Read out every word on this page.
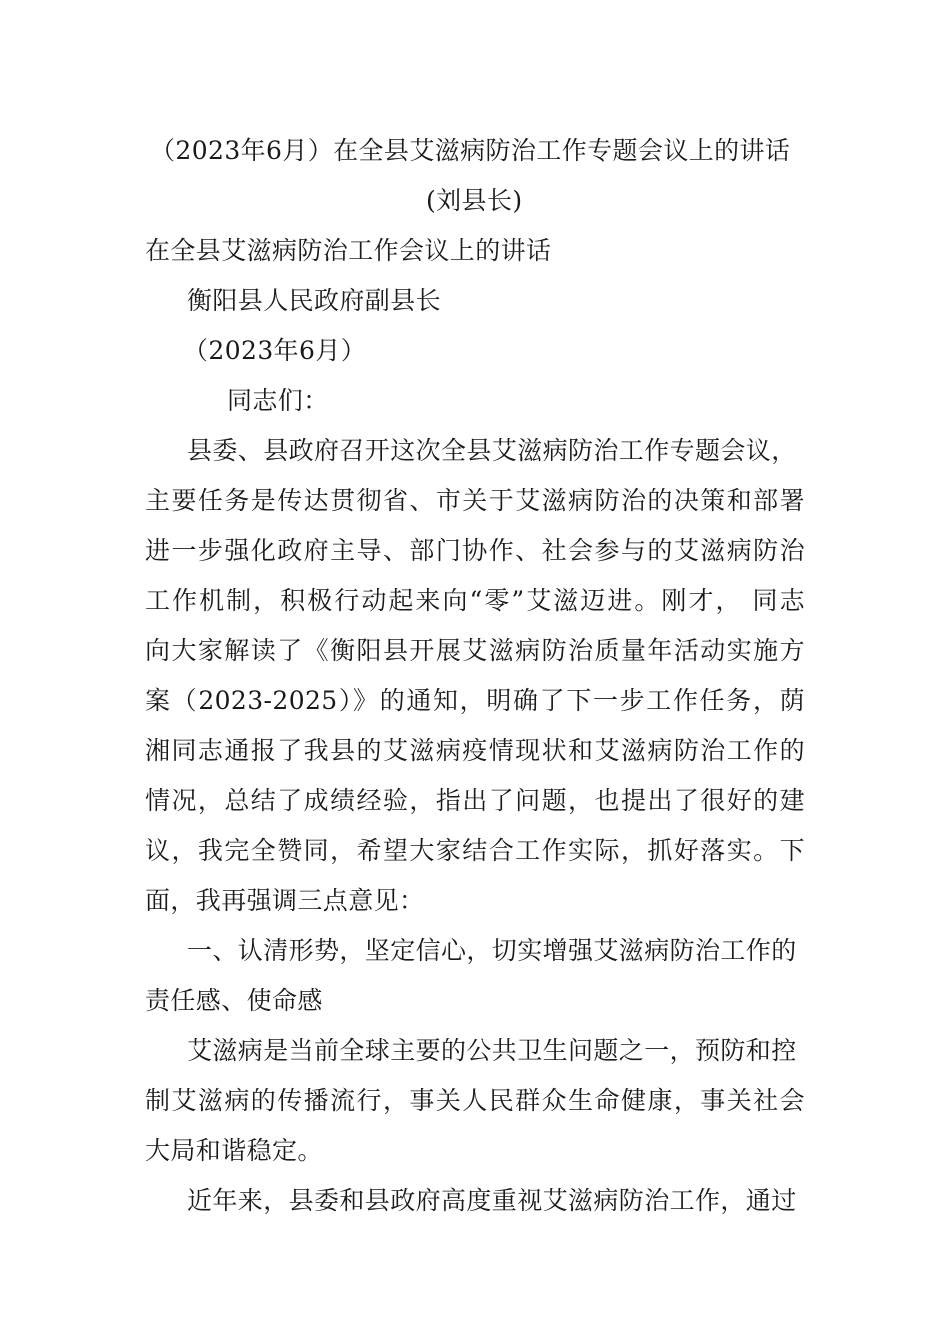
（2023年6月）在全县艾滋病防治工作专题会议上的讲话
(刘县长)
在全县艾滋病防治工作会议上的讲话
衡阳县人民政府副县长
（2023年6月）
同志们：
县委、县政府召开这次全县艾滋病防治工作专题会议，
主要任务是传达贯彻省、市关于艾滋病防治的决策和部署
进一步强化政府主导、部门协作、社会参与的艾滋病防治
工作机制，积极行动起来向“零”艾滋迈进。刚才， 同志
向大家解读了《衡阳县开展艾滋病防治质量年活动实施方
案（2023-2025）》的通知，明确了下一步工作任务，荫
湘同志通报了我县的艾滋病疫情现状和艾滋病防治工作的
情况，总结了成绩经验，指出了问题，也提出了很好的建
议，我完全赞同，希望大家结合工作实际，抓好落实。下
面，我再强调三点意见：
一、认清形势，坚定信心，切实增强艾滋病防治工作的
责任感、使命感
艾滋病是当前全球主要的公共卫生问题之一，预防和控
制艾滋病的传播流行，事关人民群众生命健康，事关社会
大局和谐稳定。
近年来，县委和县政府高度重视艾滋病防治工作，通过
